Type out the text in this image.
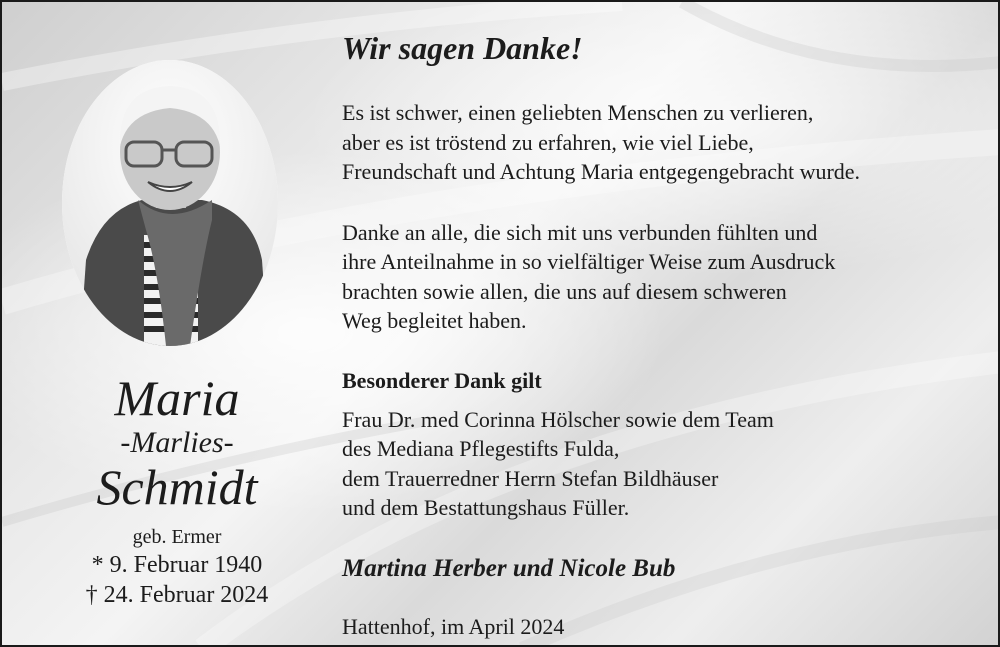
Maria

-Marlies-

Schmidt

geb. Ermer
* 9. Februar 1940
† 24. Februar 2024
Wir sagen Danke!

Es ist schwer, einen geliebten Menschen zu verlieren,
aber es ist tröstend zu erfahren, wie viel Liebe,
Freundschaft und Achtung Maria entgegengebracht wurde.

Danke an alle, die sich mit uns verbunden fühlten und
ihre Anteilnahme in so vielfältiger Weise zum Ausdruck
brachten sowie allen, die uns auf diesem schweren
Weg begleitet haben.

Besonderer Dank gilt

Frau Dr. med Corinna Hölscher sowie dem Team
des Mediana Pflegestifts Fulda,
dem Trauerredner Herrn Stefan Bildhäuser
und dem Bestattungshaus Füller.

Martina Herber und Nicole Bub
Hattenhof, im April 2024
